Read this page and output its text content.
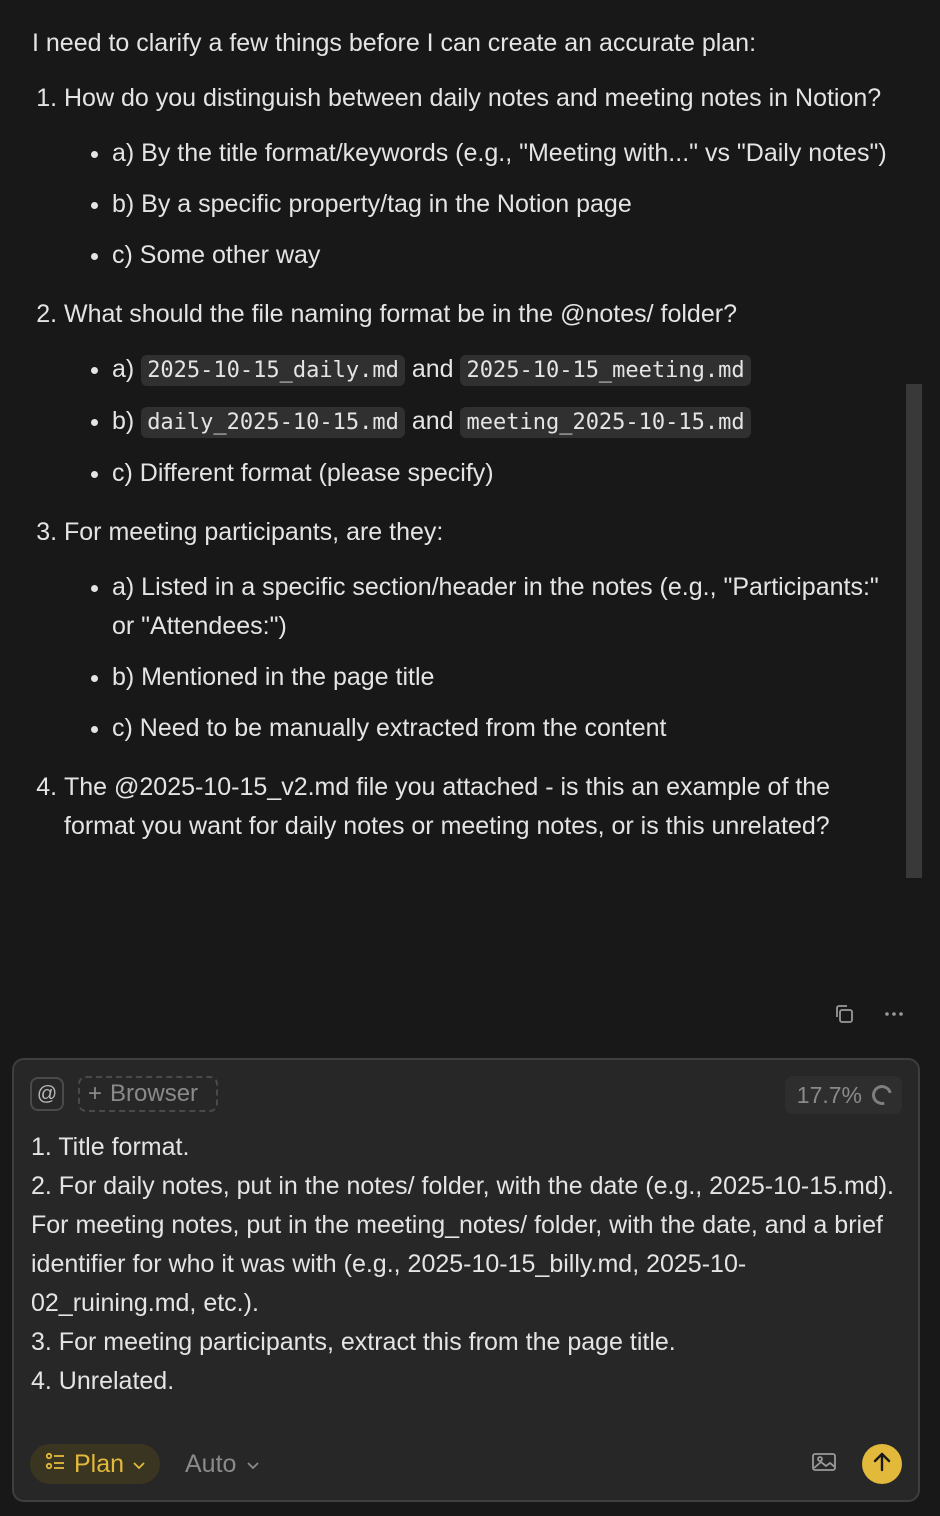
I need to clarify a few things before I can create an accurate plan:
1. How do you distinguish between daily notes and meeting notes in Notion?
• a) By the title format/keywords (e.g., "Meeting with..." vs "Daily notes")
• b) By a specific property/tag in the Notion page
• c) Some other way
2. What should the file naming format be in the @notes/ folder?
• a) 2025-10-15_daily.md and 2025-10-15_meeting.md
• b) daily_2025-10-15.md and meeting_2025-10-15.md
• c) Different format (please specify)
3. For meeting participants, are they:
• a) Listed in a specific section/header in the notes (e.g., "Participants:" or "Attendees:")
• b) Mentioned in the page title
• c) Need to be manually extracted from the content
4. The @2025-10-15_v2.md file you attached - is this an example of the format you want for daily notes or meeting notes, or is this unrelated?
@ + Browser	17.7%
1. Title format.
2. For daily notes, put in the notes/ folder, with the date (e.g., 2025-10-15.md). For meeting notes, put in the meeting_notes/ folder, with the date, and a brief identifier for who it was with (e.g., 2025-10-15_billy.md, 2025-10-02_ruining.md, etc.).
3. For meeting participants, extract this from the page title.
4. Unrelated.
Plan Auto
